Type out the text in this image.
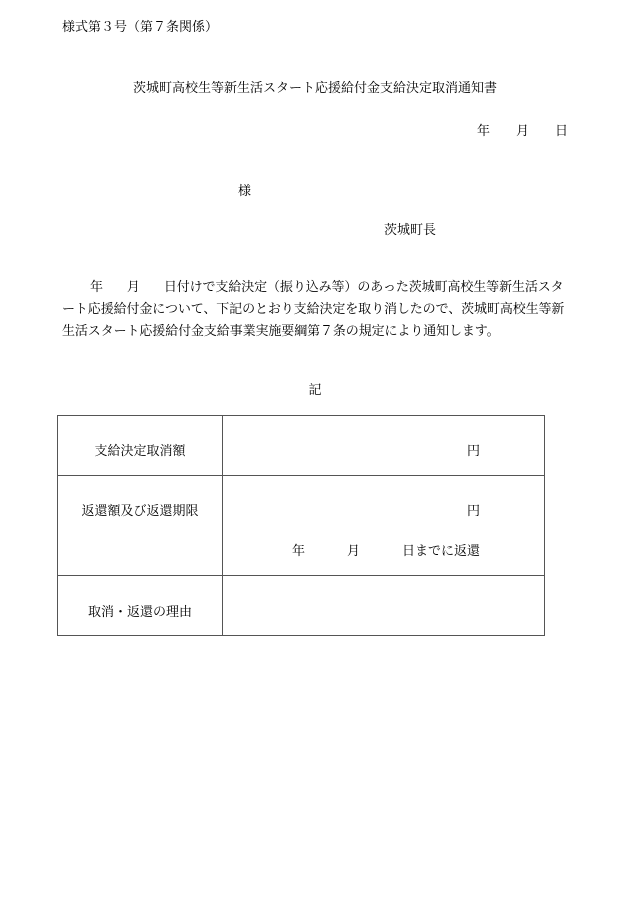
様式第３号（第７条関係）
茨城町高校生等新生活スタート応援給付金支給決定取消通知書
年 月 日
様
茨城町長
年 月 日付けで支給決定（振り込み等）のあった茨城町高校生等新生活スタート応援給付金について、下記のとおり支給決定を取り消したので、茨城町高校生等新生活スタート応援給付金支給事業実施要綱第７条の規定により通知します。
記
支給決定取消額	円

返還額及び返還期限	円
年 月 日までに返還

取消・返還の理由	
